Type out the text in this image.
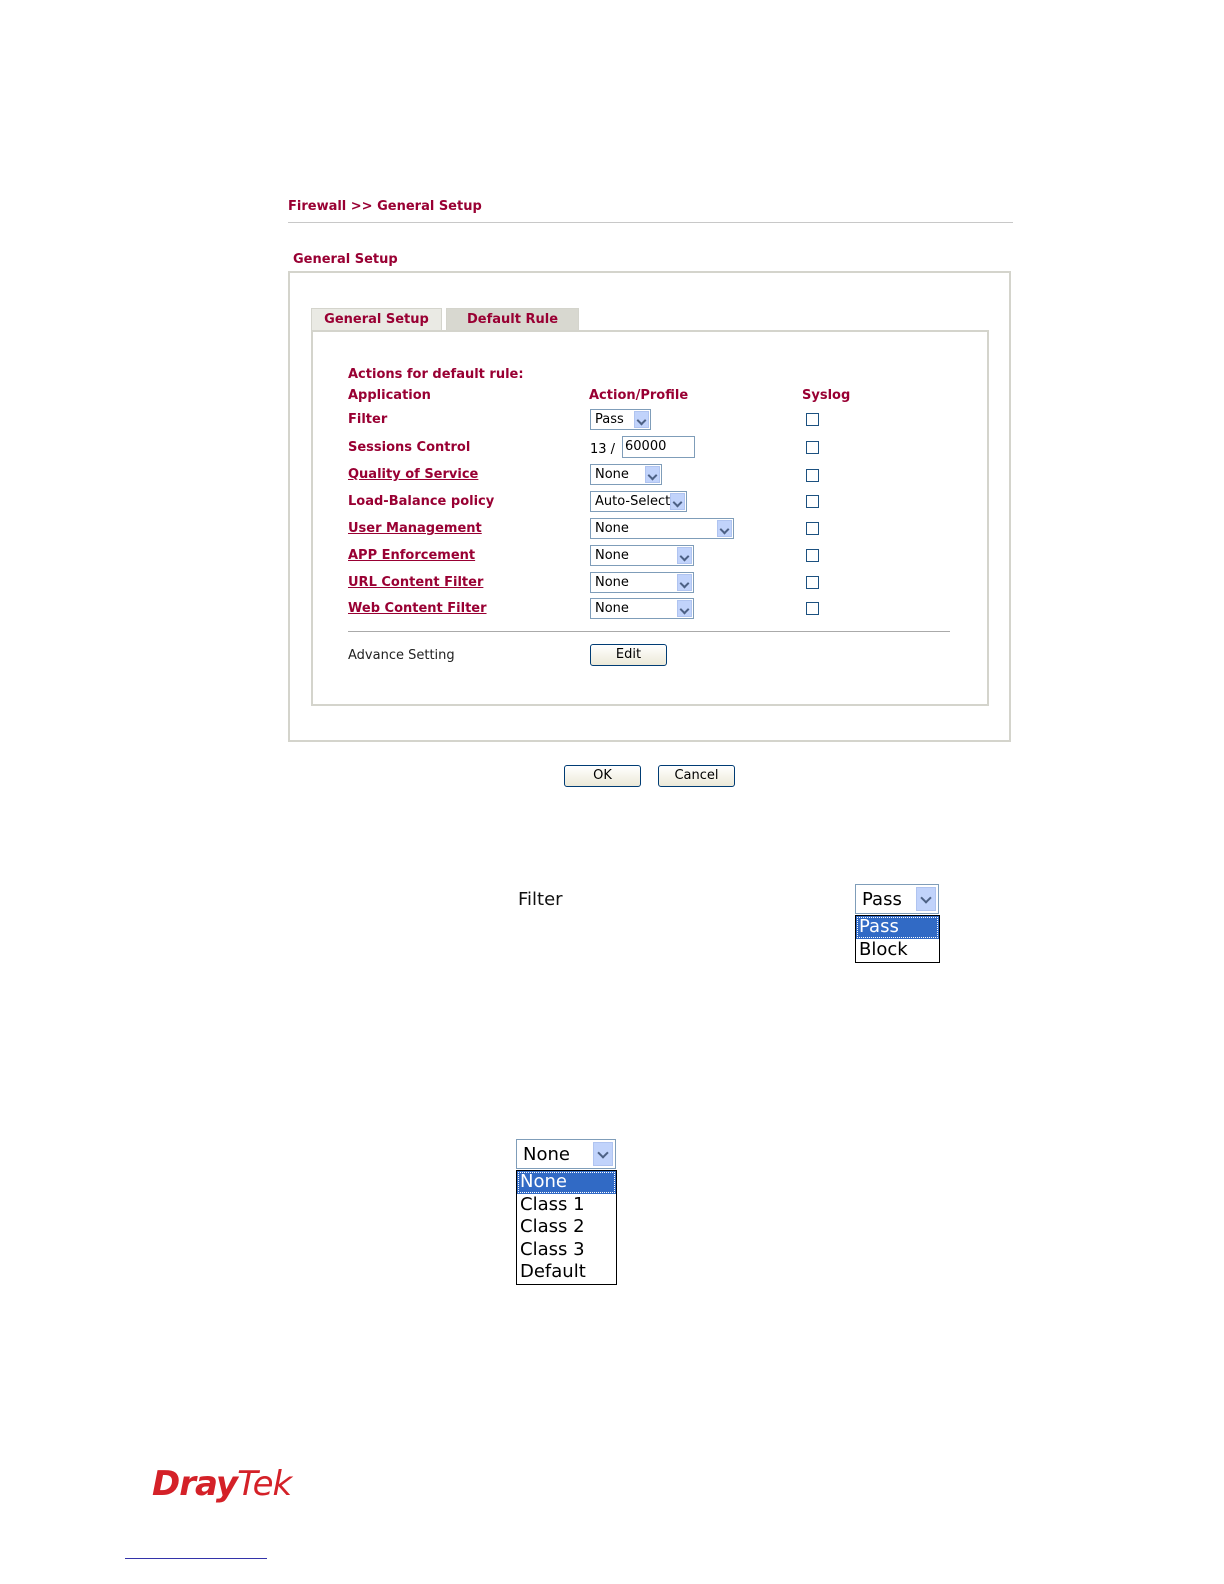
Firewall >> General Setup
General Setup
General Setup	Default Rule
Actions for default rule:
Application	Action/Profile	Syslog
Filter	Pass
Sessions Control	13 / 60000
Quality of Service	None
Load-Balance policy	Auto-Select
User Management	None
APP Enforcement	None
URL Content Filter	None
Web Content Filter	None
Advance Setting	Edit
OK	Cancel
Filter	Pass
Pass
Block
None
None
Class 1
Class 2
Class 3
Default
DrayTek
